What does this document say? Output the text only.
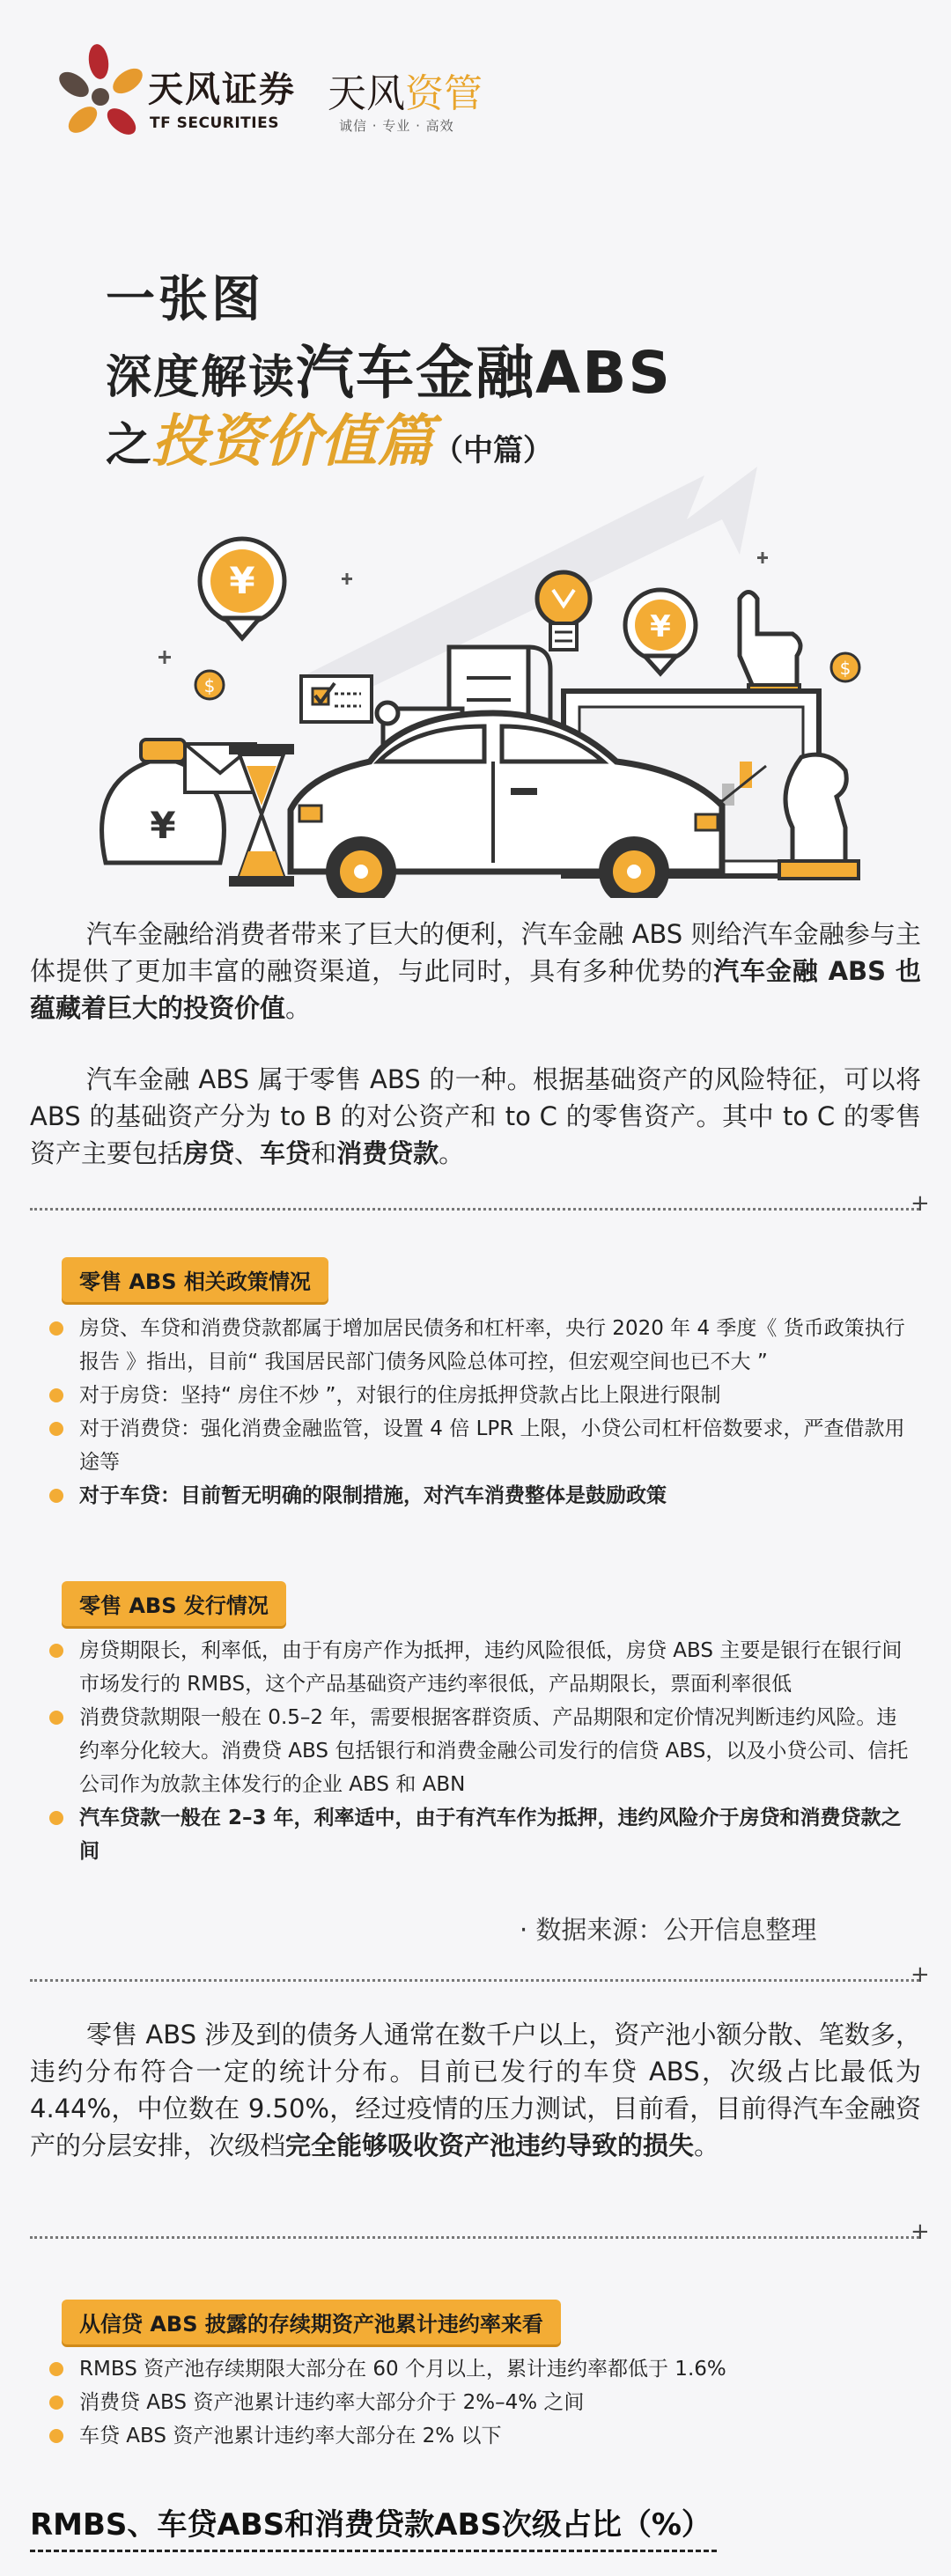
天风证券
TF SECURITIES
天风资管
诚信 · 专业 · 高效
一张图
深度解读汽车金融ABS
之投资价值篇（中篇）
¥
$
$
¥
¥
汽车金融给消费者带来了巨大的便利，汽车金融 ABS 则给汽车金融参与主体提供了更加丰富的融资渠道，与此同时，具有多种优势的汽车金融 ABS 也蕴藏着巨大的投资价值。
汽车金融 ABS 属于零售 ABS 的一种。根据基础资产的风险特征，可以将 ABS 的基础资产分为 to B 的对公资产和 to C 的零售资产。其中 to C 的零售资产主要包括房贷、车贷和消费贷款。
+
零售 ABS 相关政策情况
房贷、车贷和消费贷款都属于增加居民债务和杠杆率，央行 2020 年 4 季度《 货币政策执行报告 》指出，目前“ 我国居民部门债务风险总体可控，但宏观空间也已不大 ”
对于房贷：坚持“ 房住不炒 ”，对银行的住房抵押贷款占比上限进行限制
对于消费贷：强化消费金融监管，设置 4 倍 LPR 上限，小贷公司杠杆倍数要求，严查借款用途等
对于车贷：目前暂无明确的限制措施，对汽车消费整体是鼓励政策
零售 ABS 发行情况
房贷期限长，利率低，由于有房产作为抵押，违约风险很低，房贷 ABS 主要是银行在银行间市场发行的 RMBS，这个产品基础资产违约率很低，产品期限长，票面利率很低
消费贷款期限一般在 0.5–2 年，需要根据客群资质、产品期限和定价情况判断违约风险。违约率分化较大。消费贷 ABS 包括银行和消费金融公司发行的信贷 ABS，以及小贷公司、信托公司作为放款主体发行的企业 ABS 和 ABN
汽车贷款一般在 2–3 年，利率适中，由于有汽车作为抵押，违约风险介于房贷和消费贷款之间
· 数据来源：公开信息整理
+
零售 ABS 涉及到的债务人通常在数千户以上，资产池小额分散、笔数多，违约分布符合一定的统计分布。目前已发行的车贷 ABS，次级占比最低为 4.44%，中位数在 9.50%，经过疫情的压力测试，目前看，目前得汽车金融资产的分层安排，次级档完全能够吸收资产池违约导致的损失。
+
从信贷 ABS 披露的存续期资产池累计违约率来看
RMBS 资产池存续期限大部分在 60 个月以上，累计违约率都低于 1.6%
消费贷 ABS 资产池累计违约率大部分介于 2%–4% 之间
车贷 ABS 资产池累计违约率大部分在 2% 以下
RMBS、车贷ABS和消费贷款ABS次级占比（%）
